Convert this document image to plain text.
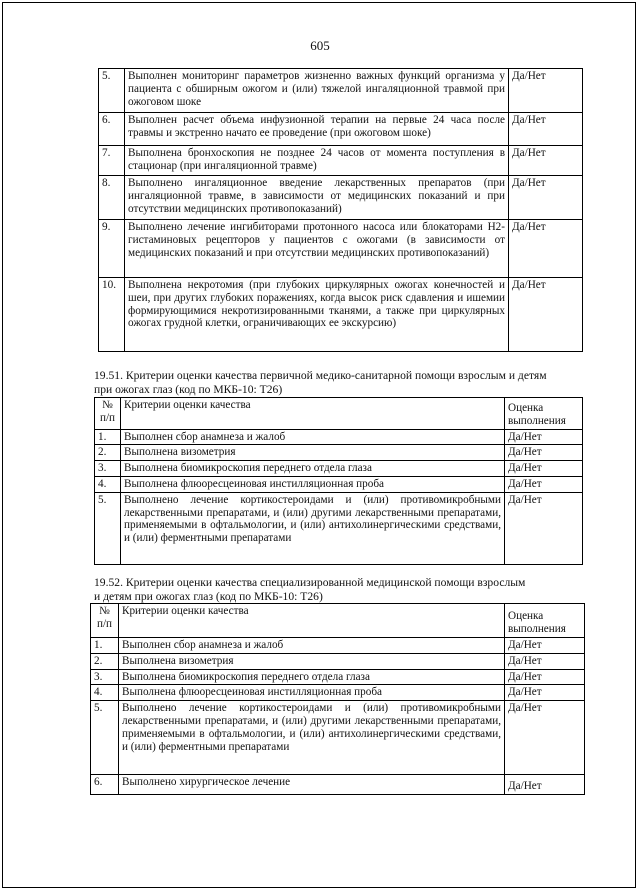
605
5.	Выполнен мониторинг параметров жизненно важных функций организма у пациента с обширным ожогом и (или) тяжелой ингаляционной травмой при ожоговом шоке	Да/Нет
6.	Выполнен расчет объема инфузионной терапии на первые 24 часа после травмы и экстренно начато ее проведение (при ожоговом шоке)	Да/Нет
7.	Выполнена бронхоскопия не позднее 24 часов от момента поступления в стационар (при ингаляционной травме)	Да/Нет
8.	Выполнено ингаляционное введение лекарственных препаратов (при ингаляционной травме, в зависимости от медицинских показаний и при отсутствии медицинских противопоказаний)	Да/Нет
9.	Выполнено лечение ингибиторами протонного насоса или блокаторами Н2-гистаминовых рецепторов у пациентов с ожогами (в зависимости от медицинских показаний и при отсутствии медицинских противопоказаний)	Да/Нет
10.	Выполнена некротомия (при глубоких циркулярных ожогах конечностей и шеи, при других глубоких поражениях, когда высок риск сдавления и ишемии формирующимися некротизированными тканями, а также при циркулярных ожогах грудной клетки, ограничивающих ее экскурсию)	Да/Нет
19.51. Критерии оценки качества первичной медико-санитарной помощи взрослым и детям
при ожогах глаз (код по МКБ-10: Т26)
№ п/п	Критерии оценки качества	Оценка выполнения
1.	Выполнен сбор анамнеза и жалоб	Да/Нет
2.	Выполнена визометрия	Да/Нет
3.	Выполнена биомикроскопия переднего отдела глаза	Да/Нет
4.	Выполнена флюоресцеиновая инстилляционная проба	Да/Нет
5.	Выполнено лечение кортикостероидами и (или) противомикробными лекарственными препаратами, и (или) другими лекарственными препаратами, применяемыми в офтальмологии, и (или) антихолинергическими средствами, и (или) ферментными препаратами	Да/Нет
19.52. Критерии оценки качества специализированной медицинской помощи взрослым
и детям при ожогах глаз (код по МКБ-10: Т26)
№ п/п	Критерии оценки качества	Оценка выполнения
1.	Выполнен сбор анамнеза и жалоб	Да/Нет
2.	Выполнена визометрия	Да/Нет
3.	Выполнена биомикроскопия переднего отдела глаза	Да/Нет
4.	Выполнена флюоресцеиновая инстилляционная проба	Да/Нет
5.	Выполнено лечение кортикостероидами и (или) противомикробными лекарственными препаратами, и (или) другими лекарственными препаратами, применяемыми в офтальмологии, и (или) антихолинергическими средствами, и (или) ферментными препаратами	Да/Нет
6.	Выполнено хирургическое лечение	Да/Нет
